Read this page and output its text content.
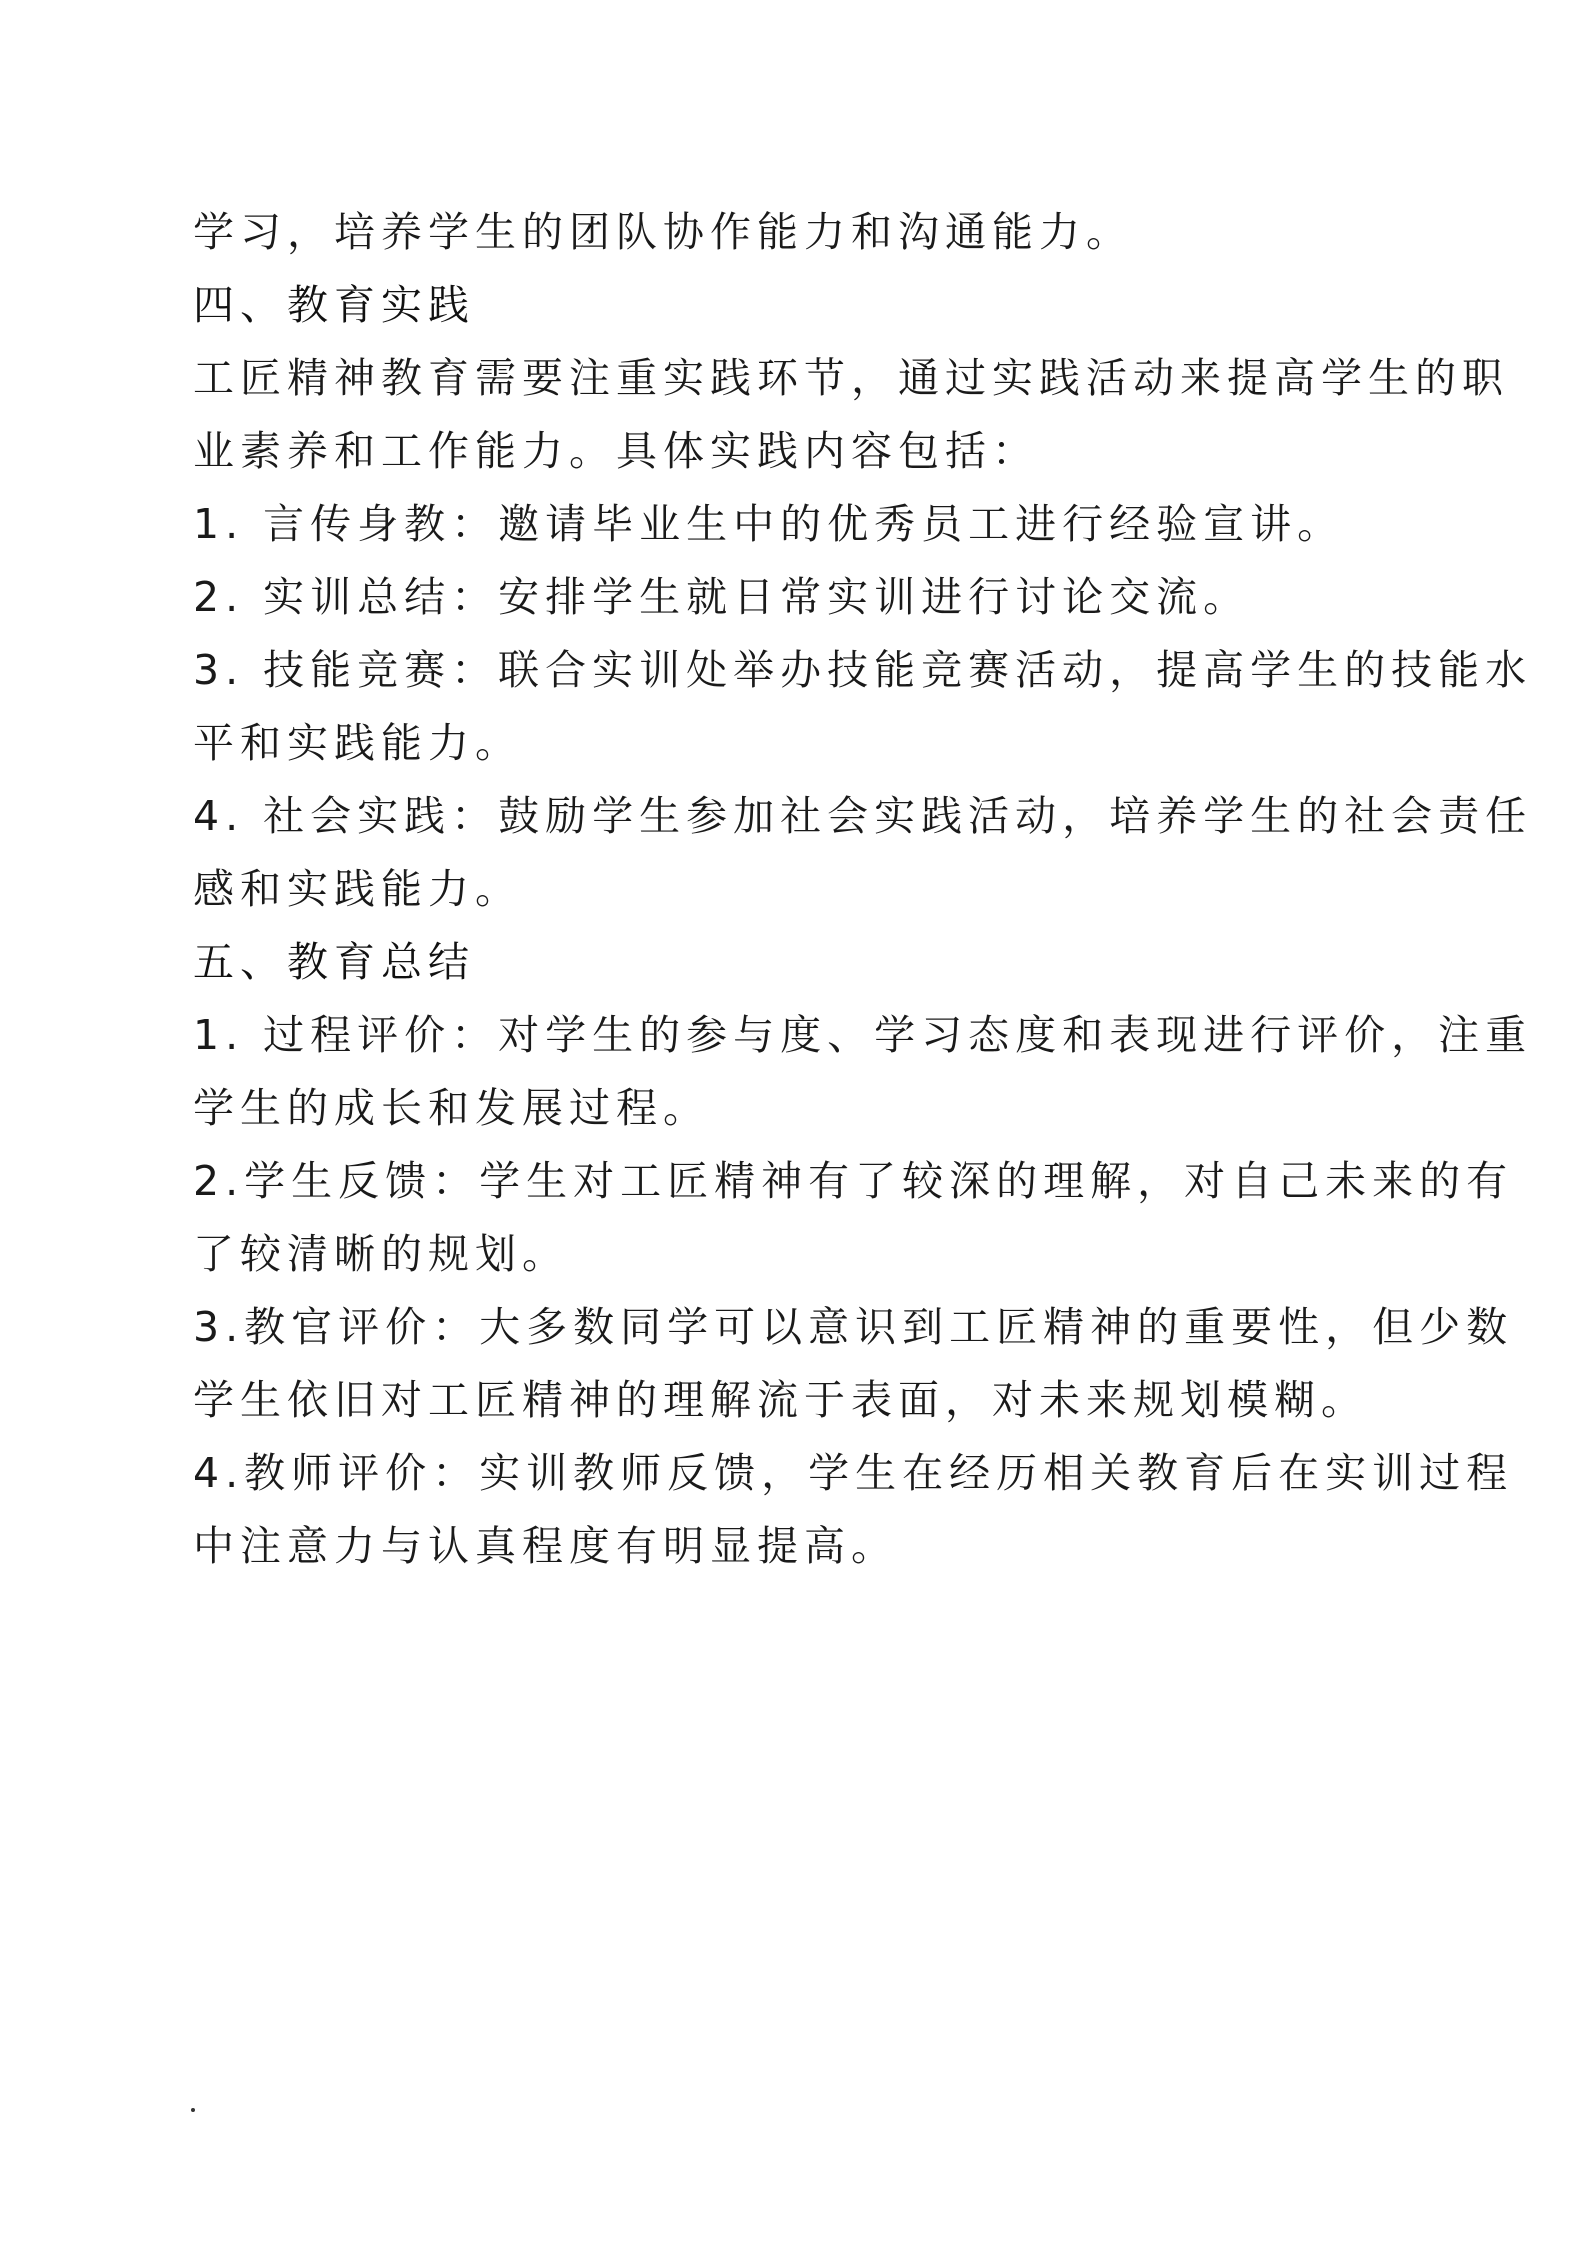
学习，培养学生的团队协作能力和沟通能力。
四、教育实践
工匠精神教育需要注重实践环节，通过实践活动来提高学生的职
业素养和工作能力。具体实践内容包括：
1. 言传身教：邀请毕业生中的优秀员工进行经验宣讲。
2. 实训总结：安排学生就日常实训进行讨论交流。
3. 技能竞赛：联合实训处举办技能竞赛活动，提高学生的技能水
平和实践能力。
4. 社会实践：鼓励学生参加社会实践活动，培养学生的社会责任
感和实践能力。
五、教育总结
1. 过程评价：对学生的参与度、学习态度和表现进行评价，注重
学生的成长和发展过程。
2.学生反馈：学生对工匠精神有了较深的理解，对自己未来的有
了较清晰的规划。
3.教官评价：大多数同学可以意识到工匠精神的重要性，但少数
学生依旧对工匠精神的理解流于表面，对未来规划模糊。
4.教师评价：实训教师反馈，学生在经历相关教育后在实训过程
中注意力与认真程度有明显提高。
